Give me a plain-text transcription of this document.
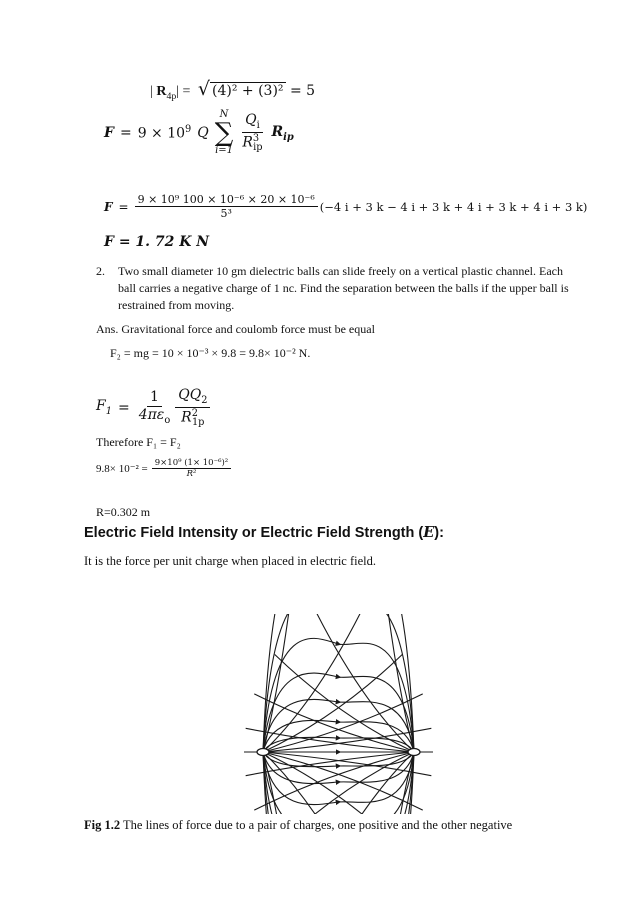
| $R_{4p}|$ = √ (4)² + (3)² = 5
$F = 9 \times 10^9$ Q
N
∑
$i=1 \frac{Q_i}{R^3_{ip}} R_{ip}$
$F = \frac{\text{9 × 10⁹ 100 × 10⁻⁶ × 20 × 10⁻⁶}}{\text{5³}} (-4$ i + 3 k − 4 i + 3 k + 4 i + 3 k + 4 i + 3 k)
F = 1. 72 K N
2. Two small diameter 10 gm dielectric balls can slide freely on a vertical plastic channel. Each
ball carries a negative charge of 1 nc. Find the separation between the balls if the upper ball is
restrained from moving.
Ans. Gravitational force and coulomb force must be equal
F₂ = mg = 10 × 10⁻³ × 9.8 = 9.8× 10⁻² N.
$F_1 = \frac{1}{4\pi\varepsilon_o} \frac{QQ_2}{R^2_{1p}}$
Therefore F₁ = F₂
$9.8\times 10^{-2} = \frac{\text{9×10⁹ (1× 10⁻⁶)²}}{\text{R²}}$
R=0.302 m
Electric Field Intensity or Electric Field Strength (E):
It is the force per unit charge when placed in electric field.
Fig 1.2 The lines of force due to a pair of charges, one positive and the other negative
